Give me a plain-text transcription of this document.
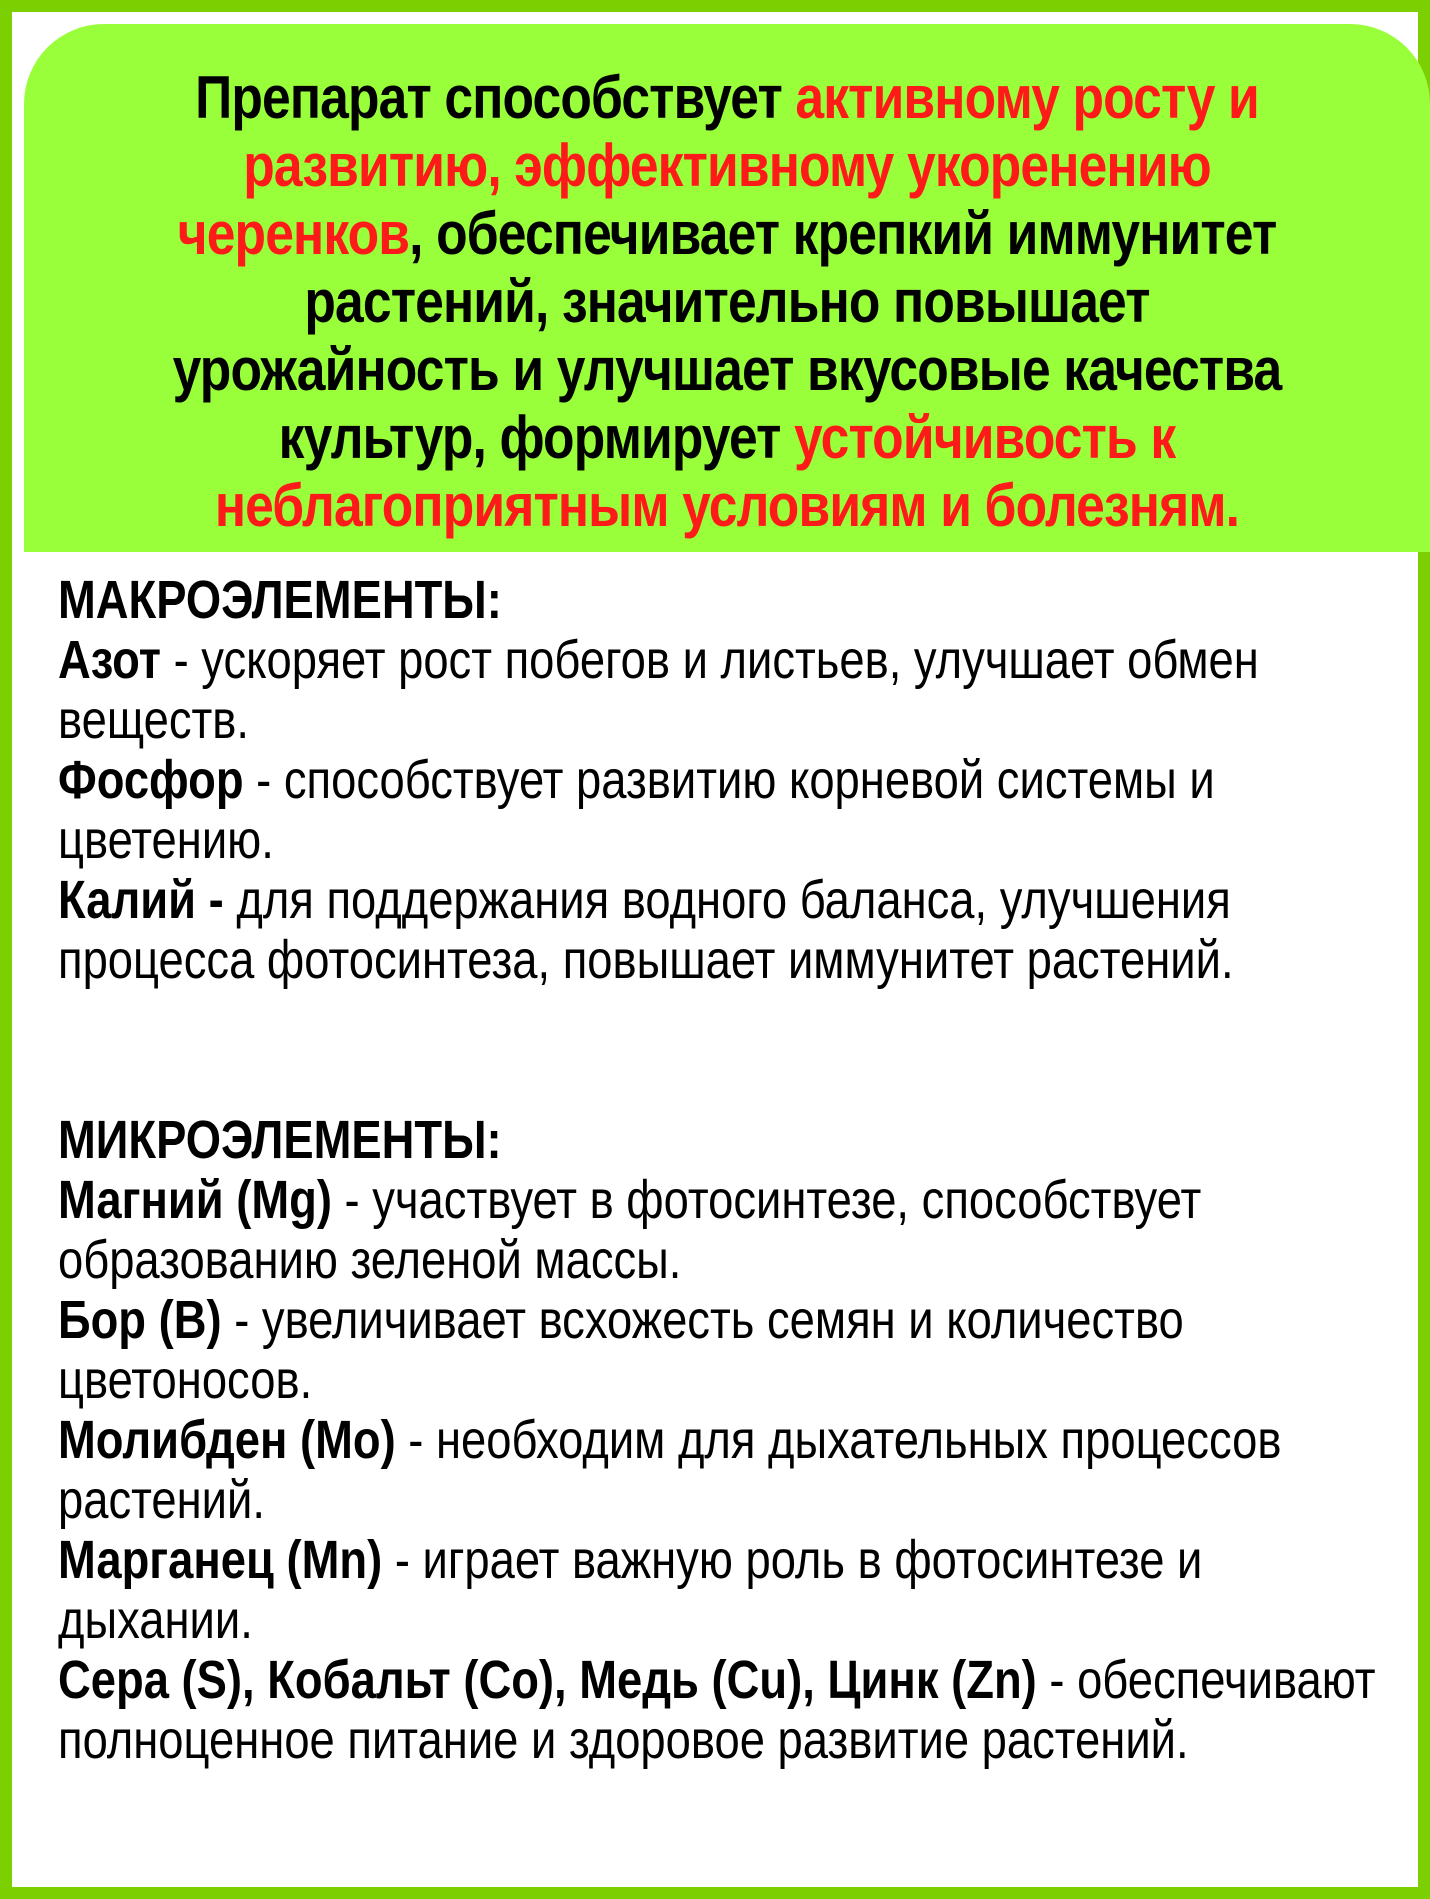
Препарат способствует активному росту и развитию, эффективному укоренению черенков, обеспечивает крепкий иммунитет растений, значительно повышает урожайность и улучшает вкусовые качества культур, формирует устойчивость к неблагоприятным условиям и болезням.
МАКРОЭЛЕМЕНТЫ:
Азот - ускоряет рост побегов и листьев, улучшает обмен веществ.
Фосфор - способствует развитию корневой системы и цветению.
Калий - для поддержания водного баланса, улучшения процесса фотосинтеза, повышает иммунитет растений.
МИКРОЭЛЕМЕНТЫ:
Магний (Mg) - участвует в фотосинтезе, способствует образованию зеленой массы.
Бор (B) - увеличивает всхожесть семян и количество цветоносов.
Молибден (Mo) - необходим для дыхательных процессов растений.
Марганец (Mn) - играет важную роль в фотосинтезе и дыхании.
Сера (S), Кобальт (Co), Медь (Cu), Цинк (Zn) - обеспечивают полноценное питание и здоровое развитие растений.
